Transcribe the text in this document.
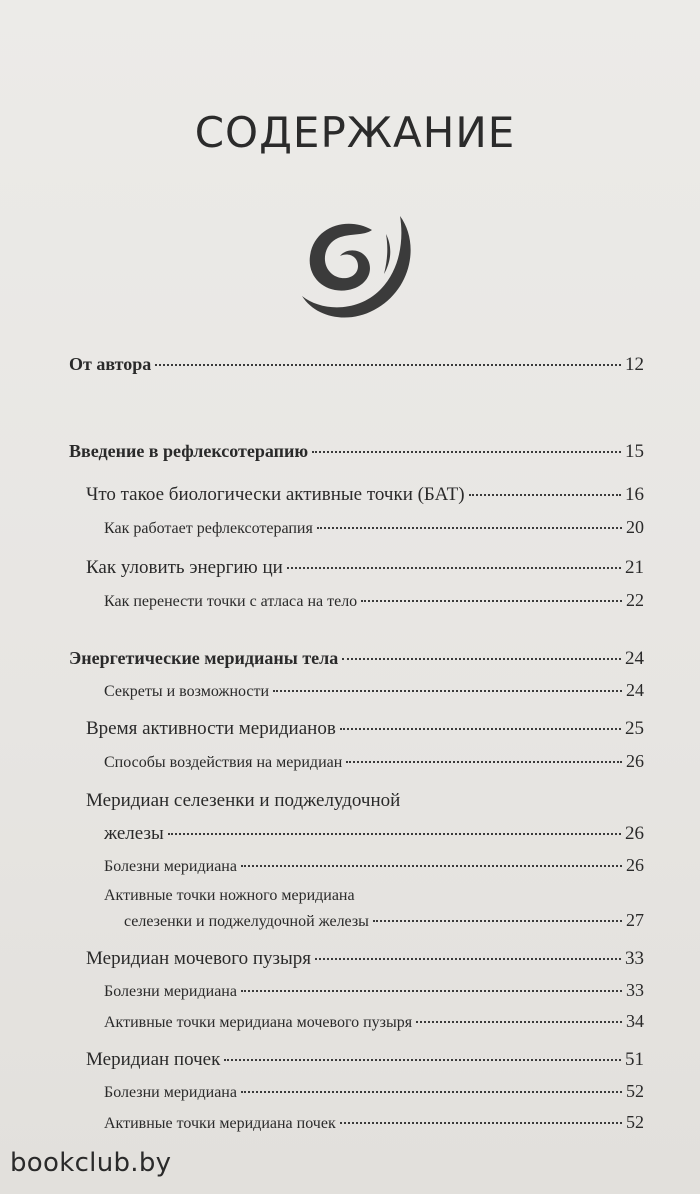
СОДЕРЖАНИЕ
От автора	12
Введение в рефлексотерапию	15
Что такое биологически активные точки (БАТ)	16
Как работает рефлексотерапия	20
Как уловить энергию ци	21
Как перенести точки с атласа на тело	22
Энергетические меридианы тела	24
Секреты и возможности	24
Время активности меридианов	25
Способы воздействия на меридиан	26
Меридиан селезенки и поджелудочной
железы	26
Болезни меридиана	26
Активные точки ножного меридиана
селезенки и поджелудочной железы	27
Меридиан мочевого пузыря	33
Болезни меридиана	33
Активные точки меридиана мочевого пузыря	34
Меридиан почек	51
Болезни меридиана	52
Активные точки меридиана почек	52
bookclub.by
